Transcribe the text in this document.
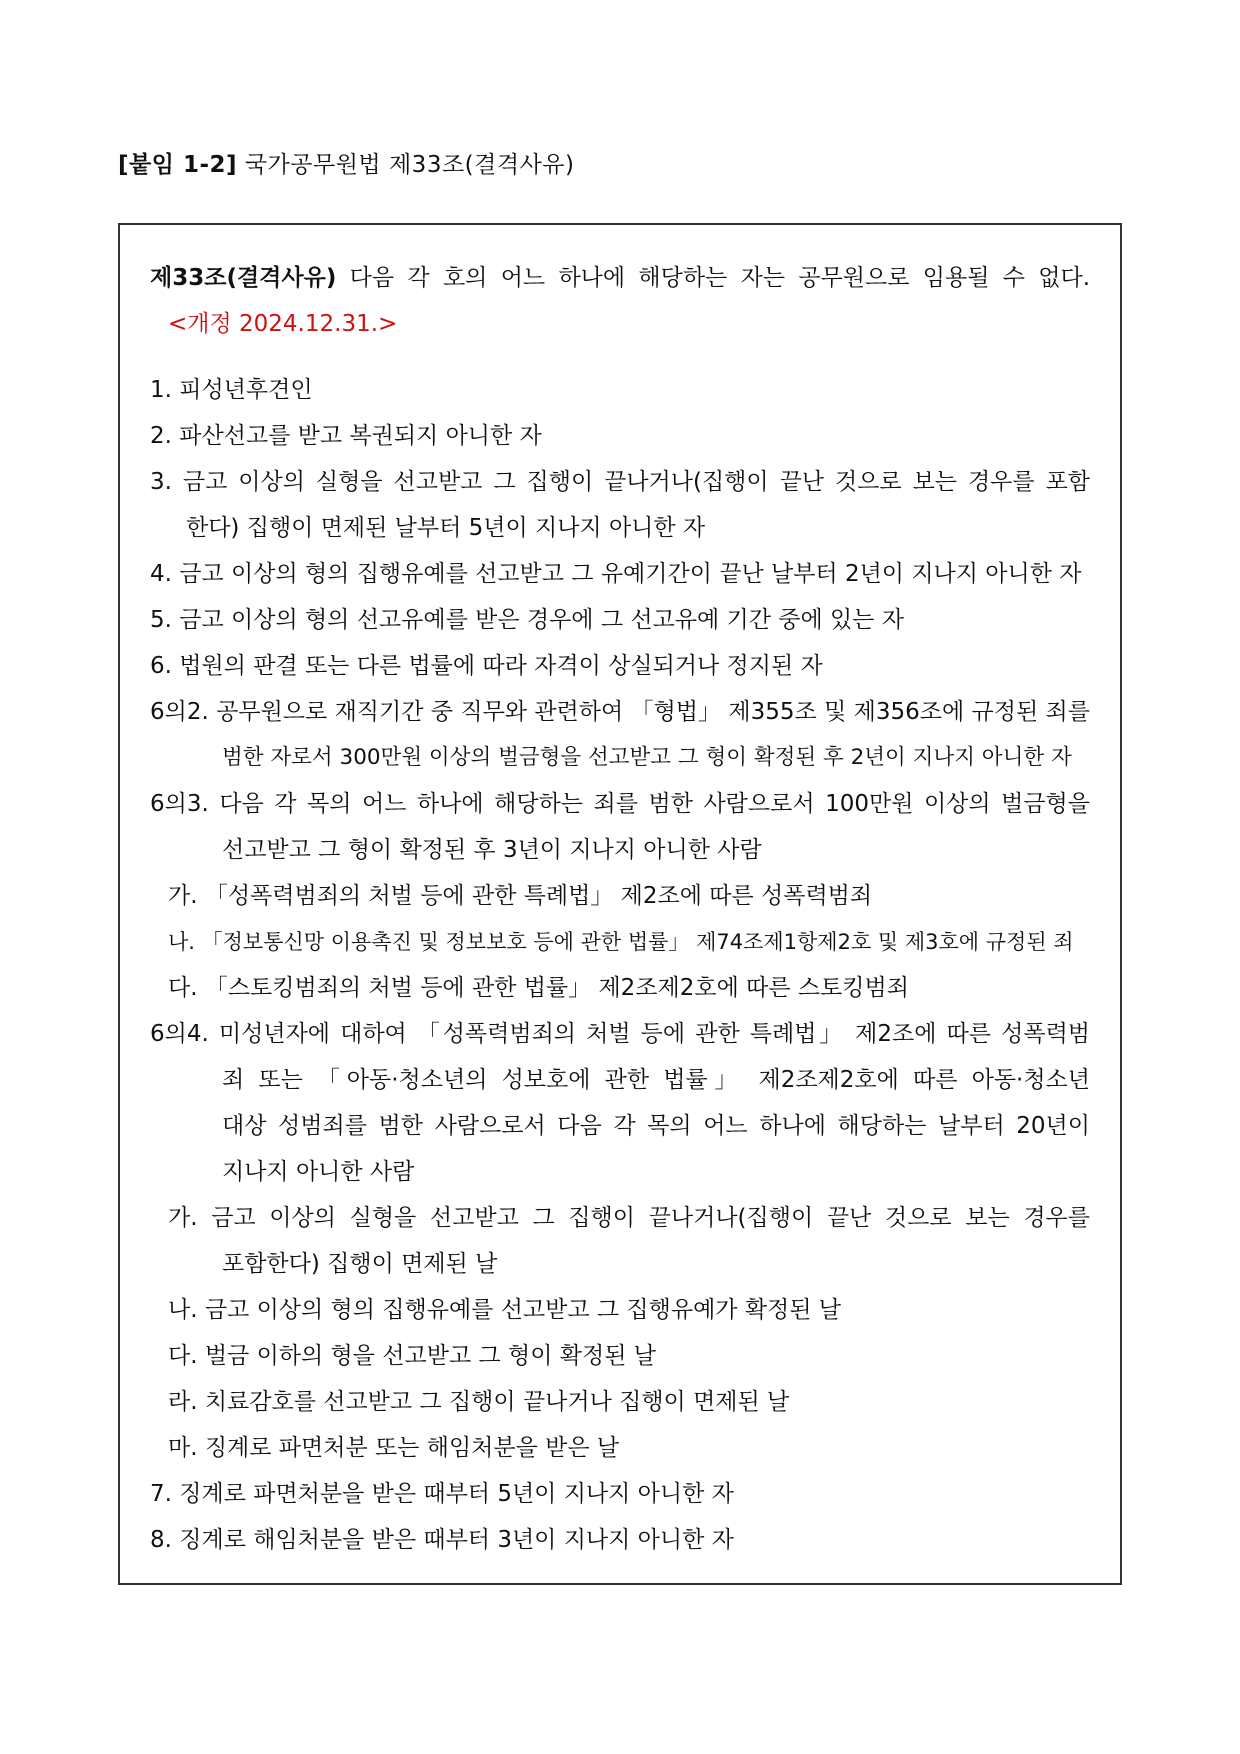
[붙임 1-2] 국가공무원법 제33조(결격사유)
제33조(결격사유) 다음 각 호의 어느 하나에 해당하는 자는 공무원으로 임용될 수 없다.
<개정 2024.12.31.>
1. 피성년후견인
2. 파산선고를 받고 복권되지 아니한 자
3. 금고 이상의 실형을 선고받고 그 집행이 끝나거나(집행이 끝난 것으로 보는 경우를 포함
한다) 집행이 면제된 날부터 5년이 지나지 아니한 자
4. 금고 이상의 형의 집행유예를 선고받고 그 유예기간이 끝난 날부터 2년이 지나지 아니한 자
5. 금고 이상의 형의 선고유예를 받은 경우에 그 선고유예 기간 중에 있는 자
6. 법원의 판결 또는 다른 법률에 따라 자격이 상실되거나 정지된 자
6의2. 공무원으로 재직기간 중 직무와 관련하여 「형법」 제355조 및 제356조에 규정된 죄를
범한 자로서 300만원 이상의 벌금형을 선고받고 그 형이 확정된 후 2년이 지나지 아니한 자
6의3. 다음 각 목의 어느 하나에 해당하는 죄를 범한 사람으로서 100만원 이상의 벌금형을
선고받고 그 형이 확정된 후 3년이 지나지 아니한 사람
가. 「성폭력범죄의 처벌 등에 관한 특례법」 제2조에 따른 성폭력범죄
나. 「정보통신망 이용촉진 및 정보보호 등에 관한 법률」 제74조제1항제2호 및 제3호에 규정된 죄
다. 「스토킹범죄의 처벌 등에 관한 법률」 제2조제2호에 따른 스토킹범죄
6의4. 미성년자에 대하여 「성폭력범죄의 처벌 등에 관한 특례법」 제2조에 따른 성폭력범
죄 또는 「아동·청소년의 성보호에 관한 법률」 제2조제2호에 따른 아동·청소년
대상 성범죄를 범한 사람으로서 다음 각 목의 어느 하나에 해당하는 날부터 20년이
지나지 아니한 사람
가. 금고 이상의 실형을 선고받고 그 집행이 끝나거나(집행이 끝난 것으로 보는 경우를
포함한다) 집행이 면제된 날
나. 금고 이상의 형의 집행유예를 선고받고 그 집행유예가 확정된 날
다. 벌금 이하의 형을 선고받고 그 형이 확정된 날
라. 치료감호를 선고받고 그 집행이 끝나거나 집행이 면제된 날
마. 징계로 파면처분 또는 해임처분을 받은 날
7. 징계로 파면처분을 받은 때부터 5년이 지나지 아니한 자
8. 징계로 해임처분을 받은 때부터 3년이 지나지 아니한 자
